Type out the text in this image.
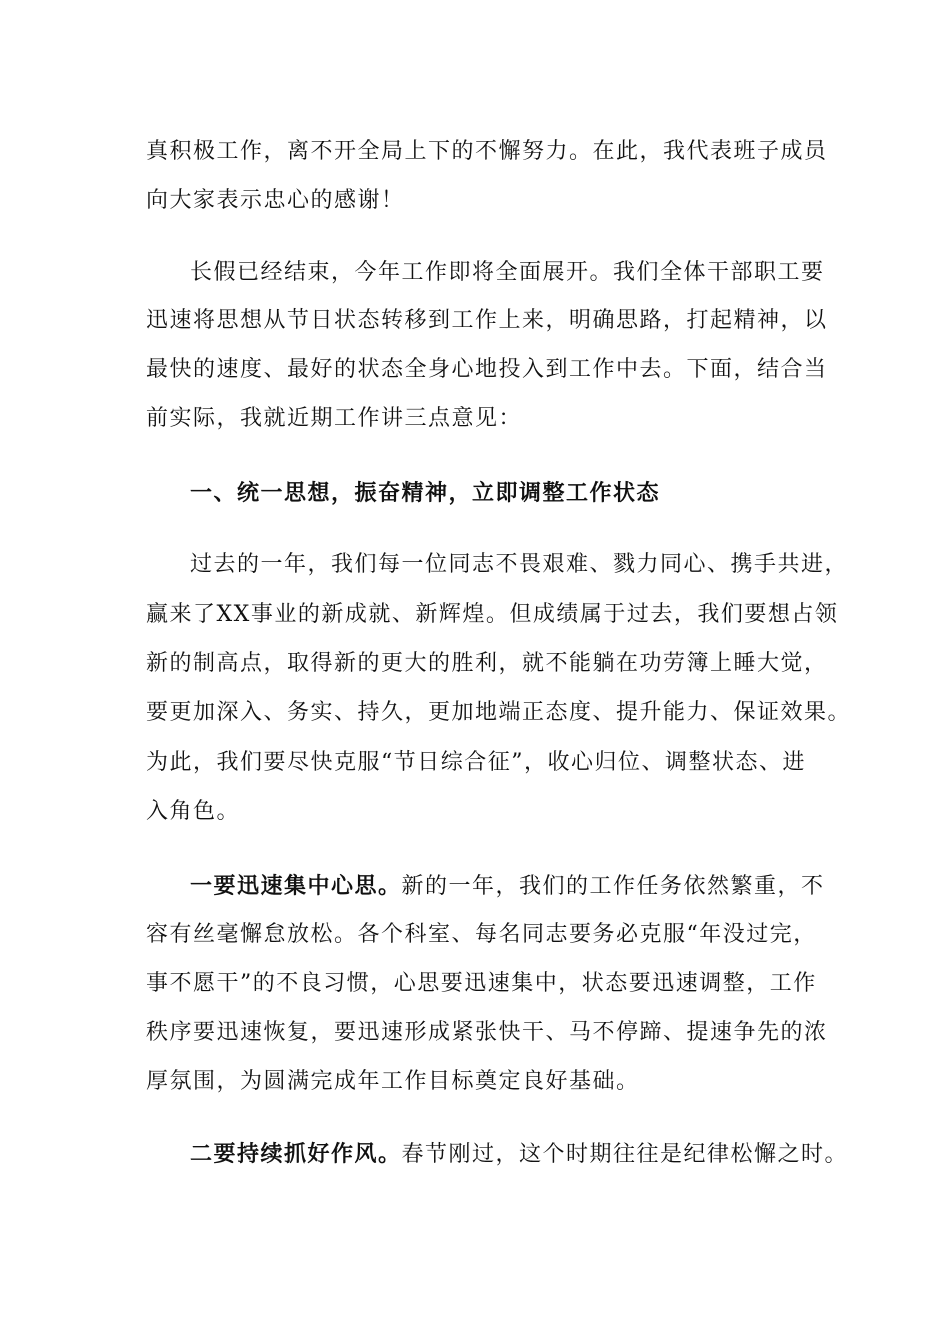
真积极工作，离不开全局上下的不懈努力。在此，我代表班子成员
向大家表示忠心的感谢！
长假已经结束，今年工作即将全面展开。我们全体干部职工要
迅速将思想从节日状态转移到工作上来，明确思路，打起精神，以
最快的速度、最好的状态全身心地投入到工作中去。下面，结合当
前实际，我就近期工作讲三点意见：
一、统一思想，振奋精神，立即调整工作状态
过去的一年，我们每一位同志不畏艰难、戮力同心、携手共进，
赢来了XX事业的新成就、新辉煌。但成绩属于过去，我们要想占领
新的制高点，取得新的更大的胜利，就不能躺在功劳簿上睡大觉，
要更加深入、务实、持久，更加地端正态度、提升能力、保证效果。
为此，我们要尽快克服“节日综合征”，收心归位、调整状态、进
入角色。
一要迅速集中心思。新的一年，我们的工作任务依然繁重，不
容有丝毫懈怠放松。各个科室、每名同志要务必克服“年没过完，
事不愿干”的不良习惯，心思要迅速集中，状态要迅速调整，工作
秩序要迅速恢复，要迅速形成紧张快干、马不停蹄、提速争先的浓
厚氛围，为圆满完成年工作目标奠定良好基础。
二要持续抓好作风。春节刚过，这个时期往往是纪律松懈之时。
